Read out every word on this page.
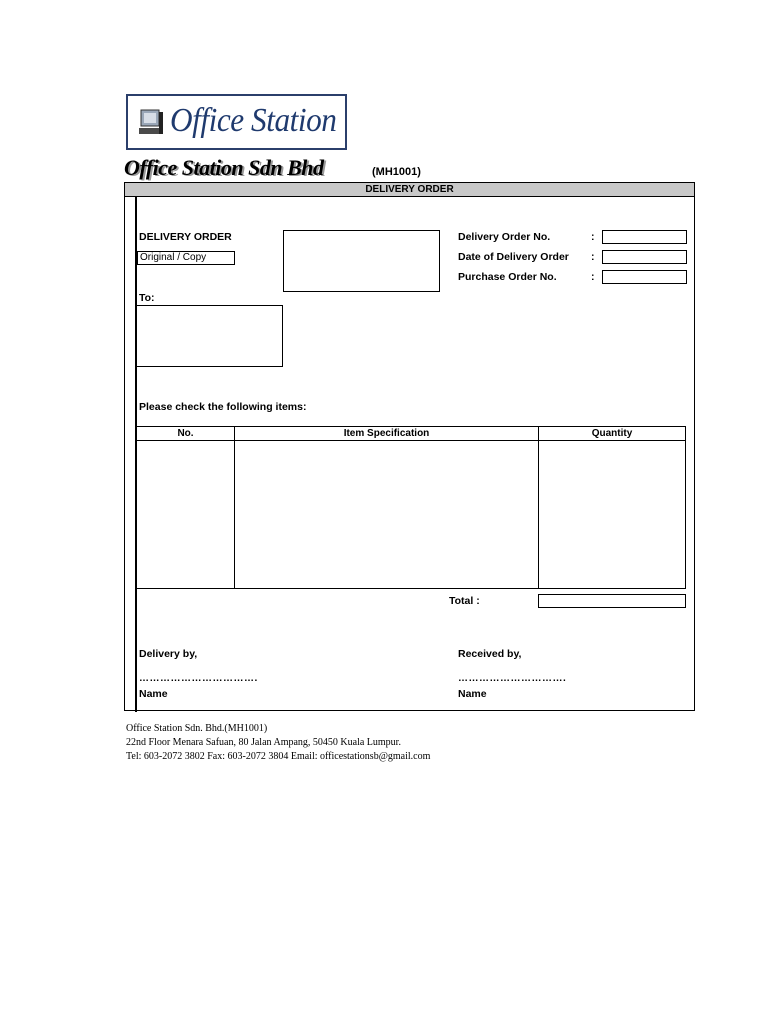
Office Station
Office Station Sdn Bhd	(MH1001)
DELIVERY ORDER
DELIVERY ORDER
Original / Copy
To:
Delivery Order No.	:
Date of Delivery Order :
Purchase Order No.	:
Please check the following items:
No.	Item Specification	Quantity
Total :
Delivery by,
…………………………….
Name
Received by,
………………………….
Name
Office Station Sdn. Bhd.(MH1001)
22nd Floor Menara Safuan, 80 Jalan Ampang, 50450 Kuala Lumpur.
Tel: 603-2072 3802 Fax: 603-2072 3804 Email: officestationsb@gmail.com
